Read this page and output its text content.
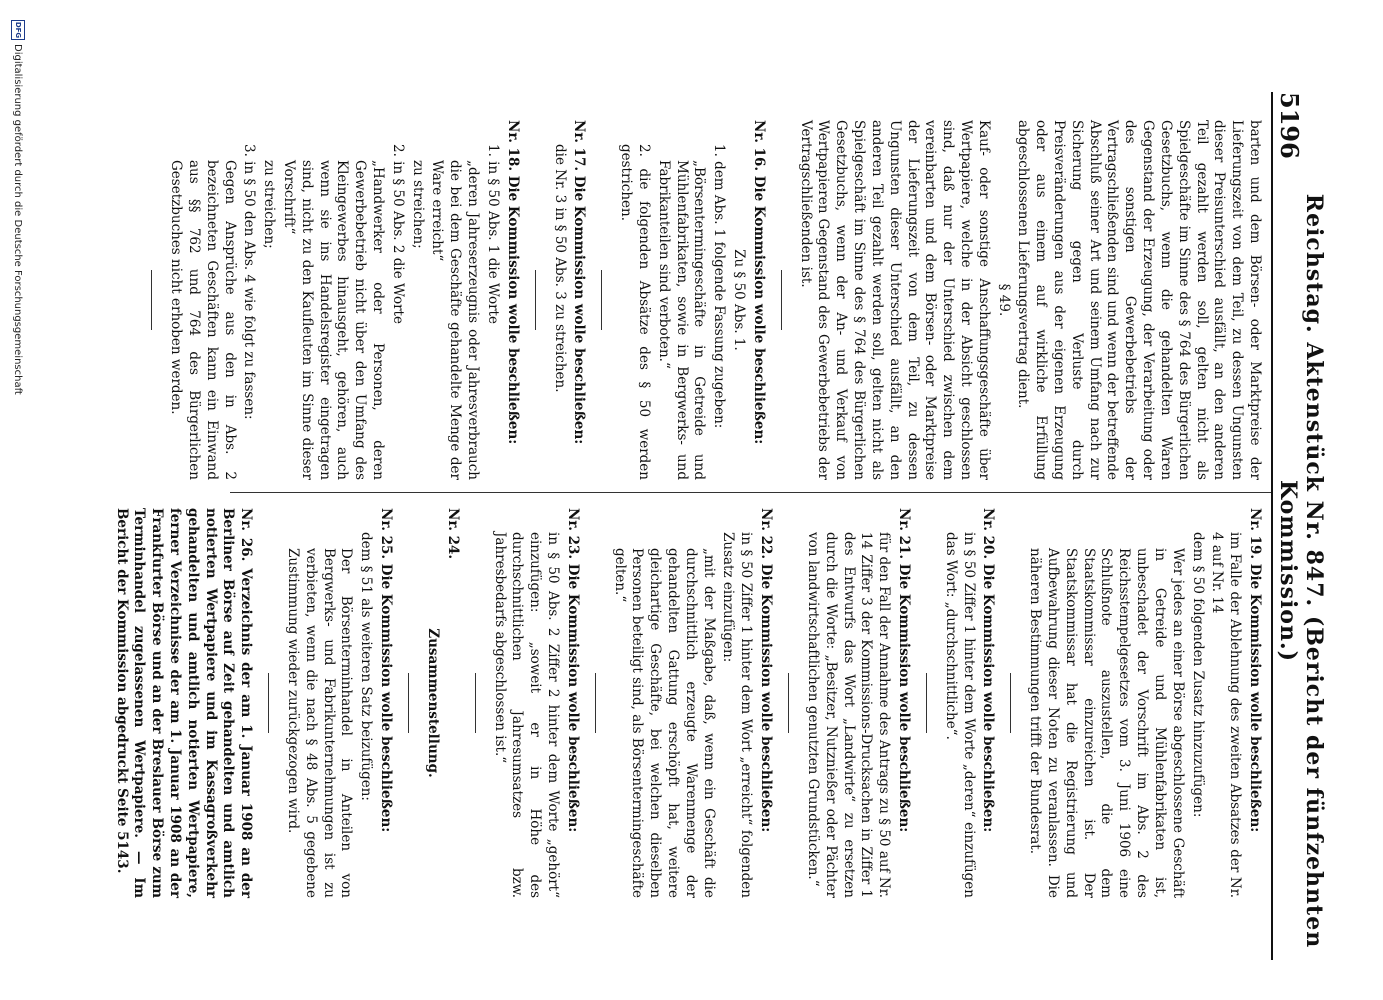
5196
Reichstag. Aktenstück Nr. 847. (Bericht der fünfzehnten Kommission.)

barten und dem Börsen- oder Marktpreise der Lieferungszeit von dem Teil, zu dessen Ungunsten dieser Preisunterschied ausfällt, an den anderen Teil gezahlt werden soll, gelten nicht als Spielgeschäfte im Sinne des § 764 des Bürgerlichen Gesetzbuchs, wenn die gehandelten Waren Gegenstand der Erzeugung, der Verarbeitung oder des sonstigen Gewerbebetriebs der Vertragschließenden sind und wenn der betreffende Abschluß seiner Art und seinem Umfang nach zur Sicherung gegen Verluste durch Preisveränderungen aus der eigenen Erzeugung oder aus einem auf wirkliche Erfüllung abgeschlossenen Lieferungsvertrag dient.

§ 49.

Kauf- oder sonstige Anschaffungsgeschäfte über Wertpapiere, welche in der Absicht geschlossen sind, daß nur der Unterschied zwischen dem vereinbarten und dem Börsen- oder Marktpreise der Lieferungszeit von dem Teil, zu dessen Ungunsten dieser Unterschied ausfällt, an den anderen Teil gezahlt werden soll, gelten nicht als Spielgeschäft im Sinne des § 764 des Bürgerlichen Gesetzbuchs, wenn der An- und Verkauf von Wertpapieren Gegenstand des Gewerbebetriebs der Vertragschließenden ist.

Nr. 16. Die Kommission wolle beschließen:

Zu § 50 Abs. 1.

1. dem Abs. 1 folgende Fassung zugeben:

„Börsentermingeschäfte in Getreide und Mühlenfabrikaten, sowie in Bergwerks- und Fabrikanteilen sind verboten.“

2. die folgenden Absätze des § 50 werden gestrichen.

Nr. 17. Die Kommission wolle beschließen:

die Nr. 3 in § 50 Abs. 3 zu streichen.

Nr. 18. Die Kommission wolle beschließen:

1. in § 50 Abs. 1 die Worte

„deren Jahreserzeugnis oder Jahresverbrauch die bei dem Geschäfte gehandelte Menge der Ware erreicht“

zu streichen;

2. in § 50 Abs. 2 die Worte

„Handwerker oder Personen, deren Gewerbebetrieb nicht über den Umfang des Kleingewerbes hinausgeht, gehören, auch wenn sie ins Handelsregister eingetragen sind, nicht zu den Kaufleuten im Sinne dieser Vorschrift“

zu streichen;

3. in § 50 den Abs. 4 wie folgt zu fassen:

Gegen Ansprüche aus den in Abs. 2 bezeichneten Geschäften kann ein Einwand aus §§ 762 und 764 des Bürgerlichen Gesetzbuches nicht erhoben werden.

Nr. 19. Die Kommission wolle beschließen:

im Falle der Ablehnung des zweiten Absatzes der Nr. 4 auf Nr. 14

dem § 50 folgenden Zusatz hinzuzufügen:

Wer jedes an einer Börse abgeschlossene Geschäft in Getreide und Mühlenfabrikaten ist, unbeschadet der Vorschrift im Abs. 2 des Reichsstempelgesetzes vom 3. Juni 1906 eine Schlußnote auszustellen, die dem Staatskommissar einzureichen ist. Der Staatskommissar hat die Registrierung und Aufbewahrung dieser Noten zu veranlassen. Die näheren Bestimmungen trifft der Bundesrat.

Nr. 20. Die Kommission wolle beschließen:

in § 50 Ziffer 1 hinter dem Worte „deren“ einzufügen das Wort: „durchschnittliche“.

Nr. 21. Die Kommission wolle beschließen:

für den Fall der Annahme des Antrags zu § 50 auf Nr. 14 Ziffer 3 der Kommissions-Drucksachen in Ziffer 1 des Entwurfs das Wort „Landwirte“ zu ersetzen durch die Worte: „Besitzer, Nutznießer oder Pächter von landwirtschaftlichen genutzten Grundstücken.“

Nr. 22. Die Kommission wolle beschließen:

in § 50 Ziffer 1 hinter dem Wort „erreicht“ folgenden Zusatz einzufügen:

„mit der Maßgabe, daß, wenn ein Geschäft die durchschnittlich erzeugte Warenmenge der gehandelten Gattung erschöpft hat, weitere gleichartige Geschäfte, bei welchen dieselben Personen beteiligt sind, als Börsentermingeschäfte gelten.“

Nr. 23. Die Kommission wolle beschließen:

in § 50 Abs. 2 Ziffer 2 hinter dem Worte „gehört“ einzufügen: „soweit er in Höhe des durchschnittlichen Jahresumsatzes bzw. Jahresbedarfs abgeschlossen ist.“

Nr. 24.

Zusammenstellung.

Nr. 25. Die Kommission wolle beschließen:

dem § 51 als weiteren Satz beizufügen:

Der Börsenterminhandel in Anteilen von Bergwerks- und Fabrikunternehmungen ist zu verbieten, wenn die nach § 48 Abs. 5 gegebene Zustimmung wieder zurückgezogen wird.

Nr. 26. Verzeichnis der am 1. Januar 1908 an der Berliner Börse auf Zeit gehandelten und amtlich notierten Wertpapiere und im Kassagroßverkehr gehandelten und amtlich notierten Wertpapiere, ferner Verzeichnisse der am 1. Januar 1908 an der Frankfurter Börse und an der Breslauer Börse zum Terminhandel zugelassenen Wertpapiere. — Im Bericht der Kommission abgedruckt Seite 5143.

DFG
Digitalisierung gefördert durch die Deutsche Forschungsgemeinschaft
